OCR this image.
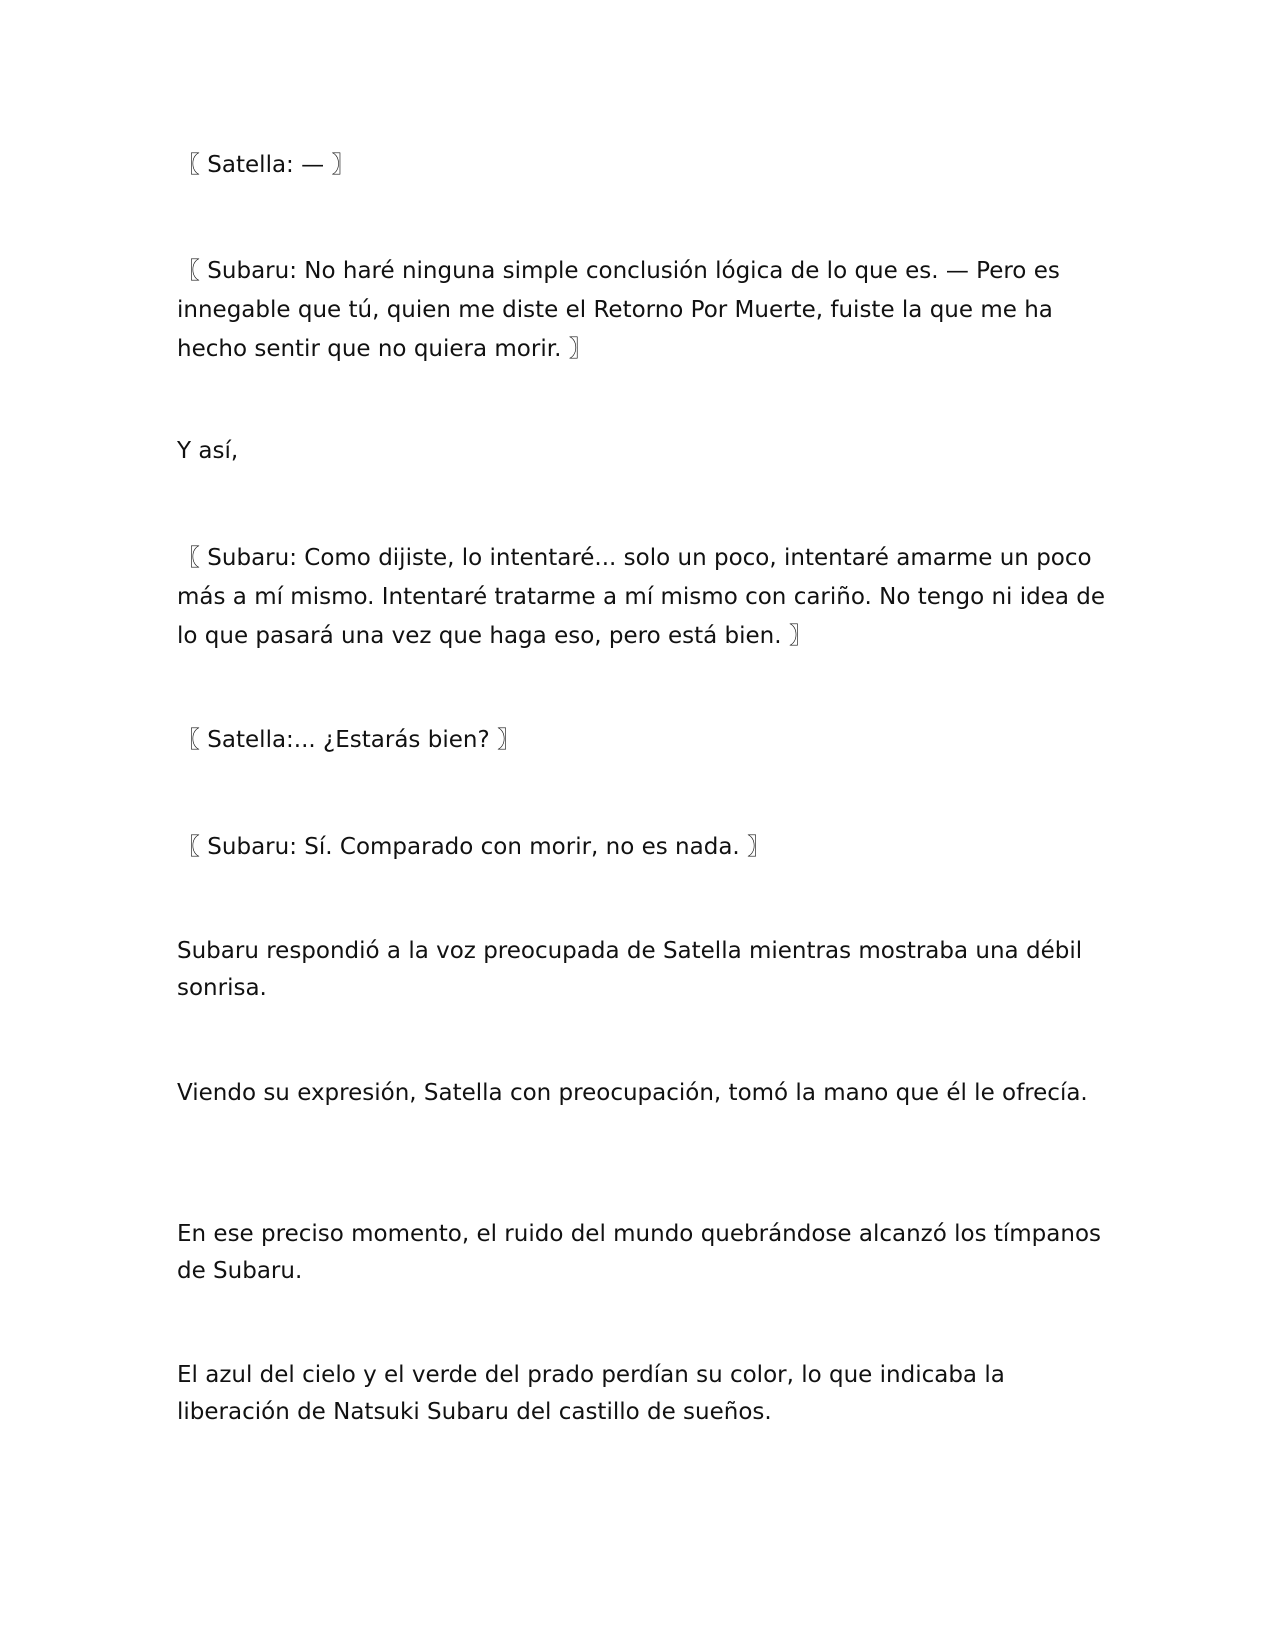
〖 Satella: — 〗

〖 Subaru: No haré ninguna simple conclusión lógica de lo que es. — Pero es innegable que tú, quien me diste el Retorno Por Muerte, fuiste la que me ha hecho sentir que no quiera morir. 〗

Y así,

〖 Subaru: Como dijiste, lo intentaré... solo un poco, intentaré amarme un poco más a mí mismo. Intentaré tratarme a mí mismo con cariño. No tengo ni idea de lo que pasará una vez que haga eso, pero está bien. 〗

〖 Satella:... ¿Estarás bien? 〗

〖 Subaru: Sí. Comparado con morir, no es nada. 〗

Subaru respondió a la voz preocupada de Satella mientras mostraba una débil sonrisa.

Viendo su expresión, Satella con preocupación, tomó la mano que él le ofrecía.

En ese preciso momento, el ruido del mundo quebrándose alcanzó los tímpanos de Subaru.

El azul del cielo y el verde del prado perdían su color, lo que indicaba la liberación de Natsuki Subaru del castillo de sueños.
